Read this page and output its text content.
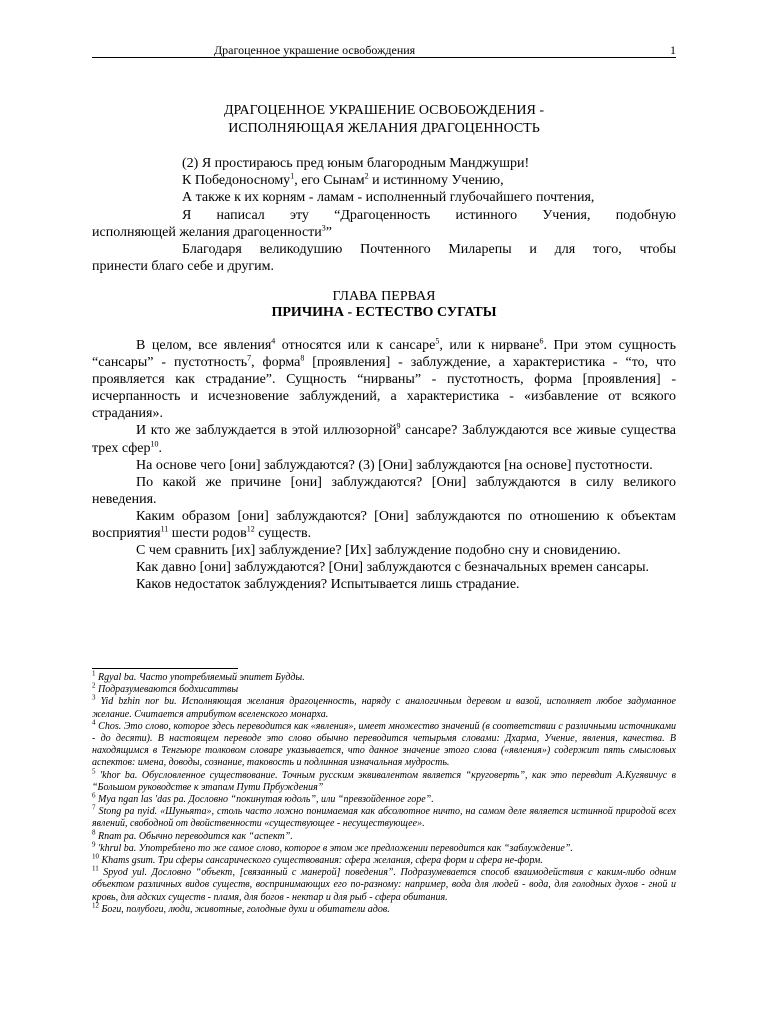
Драгоценное украшение освобождения	1
ДРАГОЦЕННОЕ УКРАШЕНИЕ ОСВОБОЖДЕНИЯ -
ИСПОЛНЯЮЩАЯ ЖЕЛАНИЯ ДРАГОЦЕННОСТЬ

(2) Я простираюсь пред юным благородным Манджушри!

К Победоносному$^1$, его Сынам$^2$ и истинному Учению,

А также к их корням - ламам - исполненный глубочайшего почтения,

Я написал эту “Драгоценность истинного Учения, подобную

исполняющей желания драгоценности$^3$”

Благодаря великодушию Почтенного Миларепы и для того, чтобы

принести благо себе и другим.

ГЛАВА ПЕРВАЯ
ПРИЧИНА - ЕСТЕСТВО СУГАТЫ

В целом, все явления$^4$ относятся или к сансаре$^5$, или к нирване$^6$. При этом сущность “сансары” - пустотность$^7$, форма$^8$ [проявления] - заблуждение, а характеристика - “то, что проявляется как страдание”. Сущность “нирваны” - пустотность, форма [проявления] - исчерпанность и исчезновение заблуждений, а характеристика - «избавление от всякого страдания».

И кто же заблуждается в этой иллюзорной$^9$ сансаре? Заблуждаются все живые существа трех сфер$^{10}$.

На основе чего [они] заблуждаются? (3) [Они] заблуждаются [на основе] пустотности.

По какой же причине [они] заблуждаются? [Они] заблуждаются в силу великого неведения.

Каким образом [они] заблуждаются? [Они] заблуждаются по отношению к объектам восприятия$^{11}$ шести родов$^{12}$ существ.

С чем сравнить [их] заблуждение? [Их] заблуждение подобно сну и сновидению.

Как давно [они] заблуждаются? [Они] заблуждаются с безначальных времен сансары.

Каков недостаток заблуждения? Испытывается лишь страдание.

$^1$ Rgyal ba. Часто употребляемый эпитет Будды.

$^2$ Подразумеваются бодхисаттвы

$^3$ Yid bzhin nor bu. Исполняющая желания драгоценность, наряду с аналогичным деревом и вазой, исполняет любое задуманное желание. Считается атрибутом вселенского монарха.

$^4$ Chos. Это слово, которое здесь переводится как «явления», имеет множество значений (в соответствии с различными источниками - до десяти). В настоящем переводе это слово обычно переводится четырьмя словами: Дхарма, Учение, явления, качества. В находящимся в Тенгьюре толковом словаре указывается, что данное значение этого слова («явления») содержит пять смысловых аспектов: имена, доводы, сознание, таковость и подлинная изначальная мудрость.

$^5$ 'khor ba. Обусловленное существование. Точным русским эквивалентом является “круговерть”, как это перевдит А.Кугявичус в “Большом руководстве к этапам Пути Прбуждения”

$^6$ Mya ngan las 'das pa. Дословно “покинутая юдоль”, или “превзойденное горе”.

$^7$ Stong pa nyid. «Шуньята», столь часто ложно понимаемая как абсолютное ничто, на самом деле является истинной природой всех явлений, свободной от двойственности «существующее - несуществующее».

$^8$ Rnam pa. Обычно переводится как “аспект”.

$^9$ 'khrul ba. Употреблено то же самое слово, которое в этом же предложении переводится как “заблуждение”.

$^{10}$ Khams gsum. Три сферы сансарического существования: сфера желания, сфера форм и сфера не-форм.

$^{11}$ Spyod yul. Дословно “объект, [связанный с манерой] поведения”. Подразумевается способ взаимодействия с каким-либо одним объектом различных видов существ, воспринимающих его по-разному: например, вода для людей - вода, для голодных духов - гной и кровь, для адских существ - пламя, для богов - нектар и для рыб - сфера обитания.

$^{12}$ Боги, полубоги, люди, животные, голодные духи и обитатели адов.
